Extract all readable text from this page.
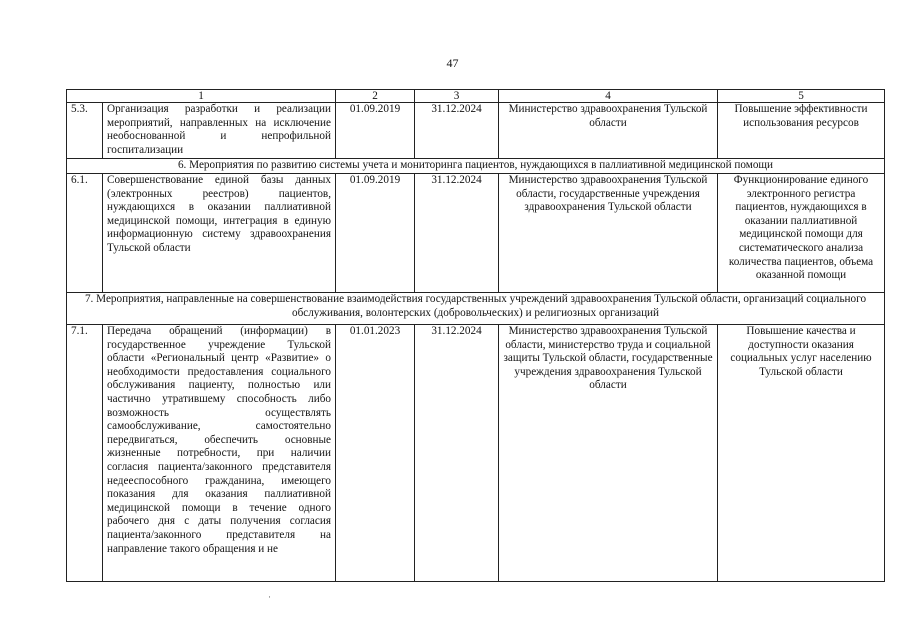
47
1		2	3	4	5
5.3.	Организация разработки и реализации мероприятий, направленных на исключение необоснованной и непрофильной госпитализации	01.09.2019	31.12.2024	Министерство здравоохранения Тульской области	Повышение эффективности использования ресурсов
6. Мероприятия по развитию системы учета и мониторинга пациентов, нуждающихся в паллиативной медицинской помощи					
6.1.	Совершенствование единой базы данных (электронных реестров) пациентов, нуждающихся в оказании паллиативной медицинской помощи, интеграция в единую информационную систему здравоохранения Тульской области	01.09.2019	31.12.2024	Министерство здравоохранения Тульской области, государственные учреждения здравоохранения Тульской области	Функционирование единого электронного регистра пациентов, нуждающихся в оказании паллиативной медицинской помощи для систематического анализа количества пациентов, объема оказанной помощи
7. Мероприятия, направленные на совершенствование взаимодействия государственных учреждений здравоохранения Тульской области, организаций социального обслуживания, волонтерских (добровольческих) и религиозных организаций					
7.1.	Передача обращений (информации) в государственное учреждение Тульской области «Региональный центр «Развитие» о необходимости предоставления социального обслуживания пациенту, полностью или частично утратившему способность либо возможность осуществлять самообслуживание, самостоятельно передвигаться, обеспечить основные жизненные потребности, при наличии согласия пациента/законного представителя недееспособного гражданина, имеющего показания для оказания паллиативной медицинской помощи в течение одного рабочего дня с даты получения согласия пациента/законного представителя на направление такого обращения и не	01.01.2023	31.12.2024	Министерство здравоохранения Тульской области, министерство труда и социальной защиты Тульской области, государственные учреждения здравоохранения Тульской области	Повышение качества и доступности оказания социальных услуг населению Тульской области
·
